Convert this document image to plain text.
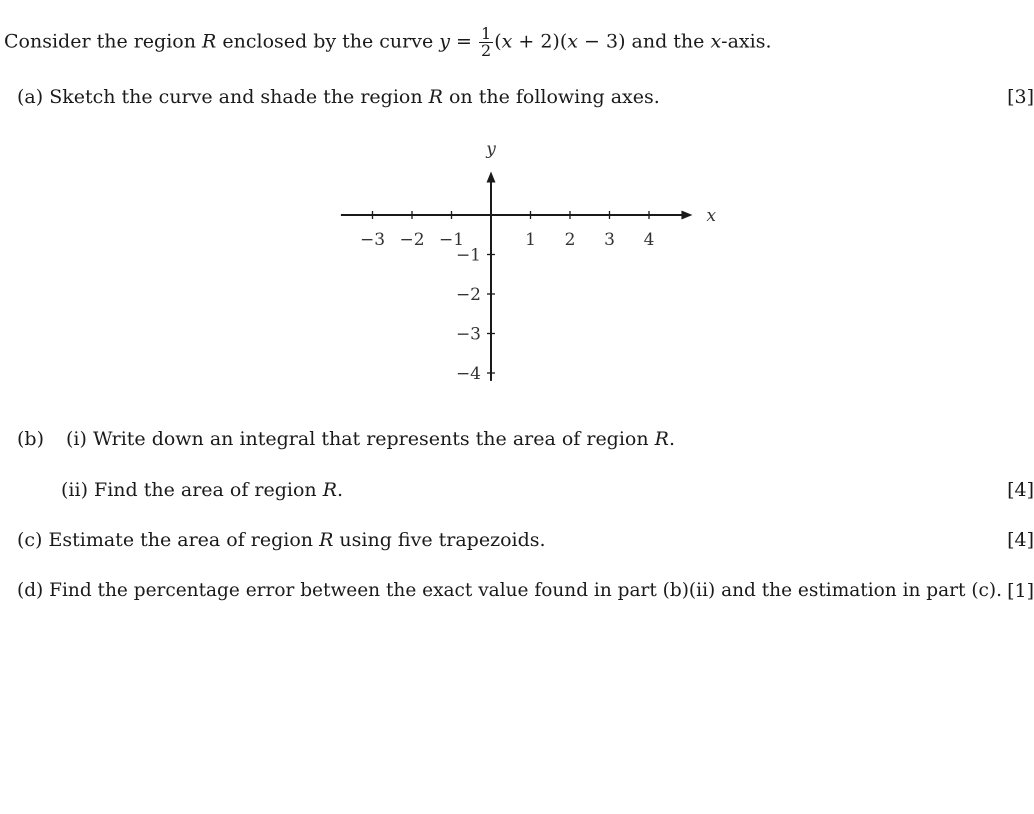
Consider the region R enclosed by the curve $y = \frac{1}{2} (x + 2)(x - 3)$ and the x-axis.
(a) Sketch the curve and shade the region R on the following axes.	[3]
−3 −2 −1	1 2 3 4
−1
−2
−3
−4
x
y
(b) (i) Write down an integral that represents the area of region R.
(ii) Find the area of region R.	[4]
(c) Estimate the area of region R using five trapezoids.	[4]
(d) Find the percentage error between the exact value found in part (b)(ii) and the estimation in part (c). [1]
